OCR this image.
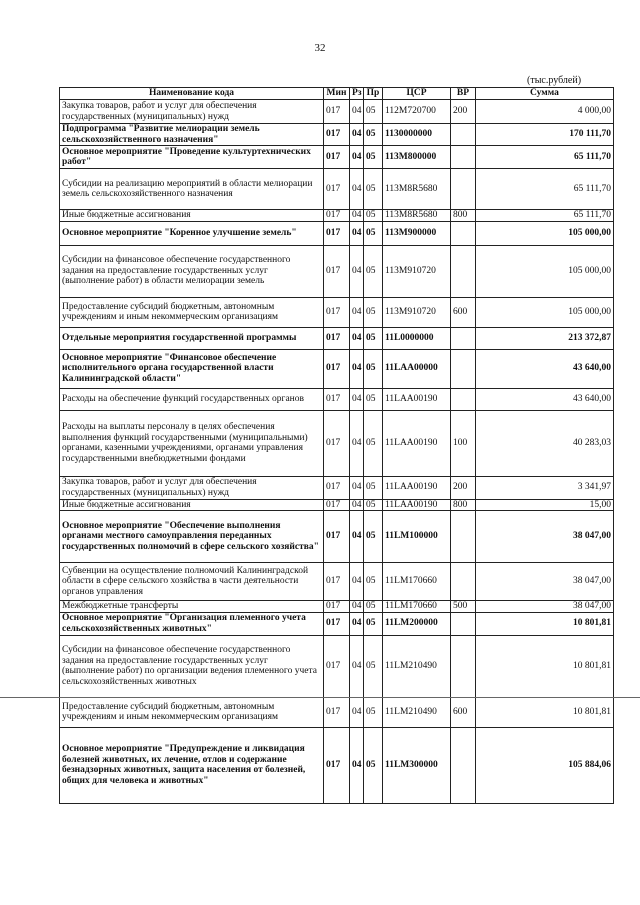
32
(тыс.рублей)
Наименование кода	Мин	Рз	Пр	ЦСР	ВР	Сумма
Закупка товаров, работ и услуг для обеспечения государственных (муниципальных) нужд	017	04	05	112М720700	200	4 000,00
Подпрограмма "Развитие мелиорации земель сельскохозяйственного назначения"	017	04	05	1130000000		170 111,70
Основное мероприятие "Проведение культуртехнических работ"	017	04	05	113М800000		65 111,70
Субсидии на реализацию мероприятий в области мелиорации земель сельскохозяйственного назначения	017	04	05	113М8R5680		65 111,70
Иные бюджетные ассигнования	017	04	05	113М8R5680	800	65 111,70
Основное мероприятие "Коренное улучшение земель"	017	04	05	113М900000		105 000,00
Субсидии на финансовое обеспечение государственного задания на предоставление государственных услуг (выполнение работ) в области мелиорации земель	017	04	05	113М910720		105 000,00
Предоставление субсидий бюджетным, автономным учреждениям и иным некоммерческим организациям	017	04	05	113М910720	600	105 000,00
Отдельные мероприятия государственной программы	017	04	05	11L0000000		213 372,87
Основное мероприятие "Финансовое обеспечение исполнительного органа государственной власти Калининградской области"	017	04	05	11LAA00000		43 640,00
Расходы на обеспечение функций государственных органов	017	04	05	11LAA00190		43 640,00
Расходы на выплаты персоналу в целях обеспечения выполнения функций государственными (муниципальными) органами, казенными учреждениями, органами управления государственными внебюджетными фондами	017	04	05	11LAA00190	100	40 283,03
Закупка товаров, работ и услуг для обеспечения государственных (муниципальных) нужд	017	04	05	11LAA00190	200	3 341,97
Иные бюджетные ассигнования	017	04	05	11LAA00190	800	15,00
Основное мероприятие "Обеспечение выполнения органами местного самоуправления переданных государственных полномочий в сфере сельского хозяйства"	017	04	05	11LM100000		38 047,00
Субвенции на осуществление полномочий Калининградской области в сфере сельского хозяйства в части деятельности органов управления	017	04	05	11LM170660		38 047,00
Межбюджетные трансферты	017	04	05	11LM170660	500	38 047,00
Основное мероприятие "Организация племенного учета сельскохозяйственных животных"	017	04	05	11LM200000		10 801,81
Субсидии на финансовое обеспечение государственного задания на предоставление государственных услуг (выполнение работ) по организации ведения племенного учета сельскохозяйственных животных	017	04	05	11LM210490		10 801,81
Предоставление субсидий бюджетным, автономным учреждениям и иным некоммерческим организациям	017	04	05	11LM210490	600	10 801,81
Основное мероприятие "Предупреждение и ликвидация болезней животных, их лечение, отлов и содержание безнадзорных животных, защита населения от болезней, общих для человека и животных"	017	04	05	11LM300000		105 884,06
